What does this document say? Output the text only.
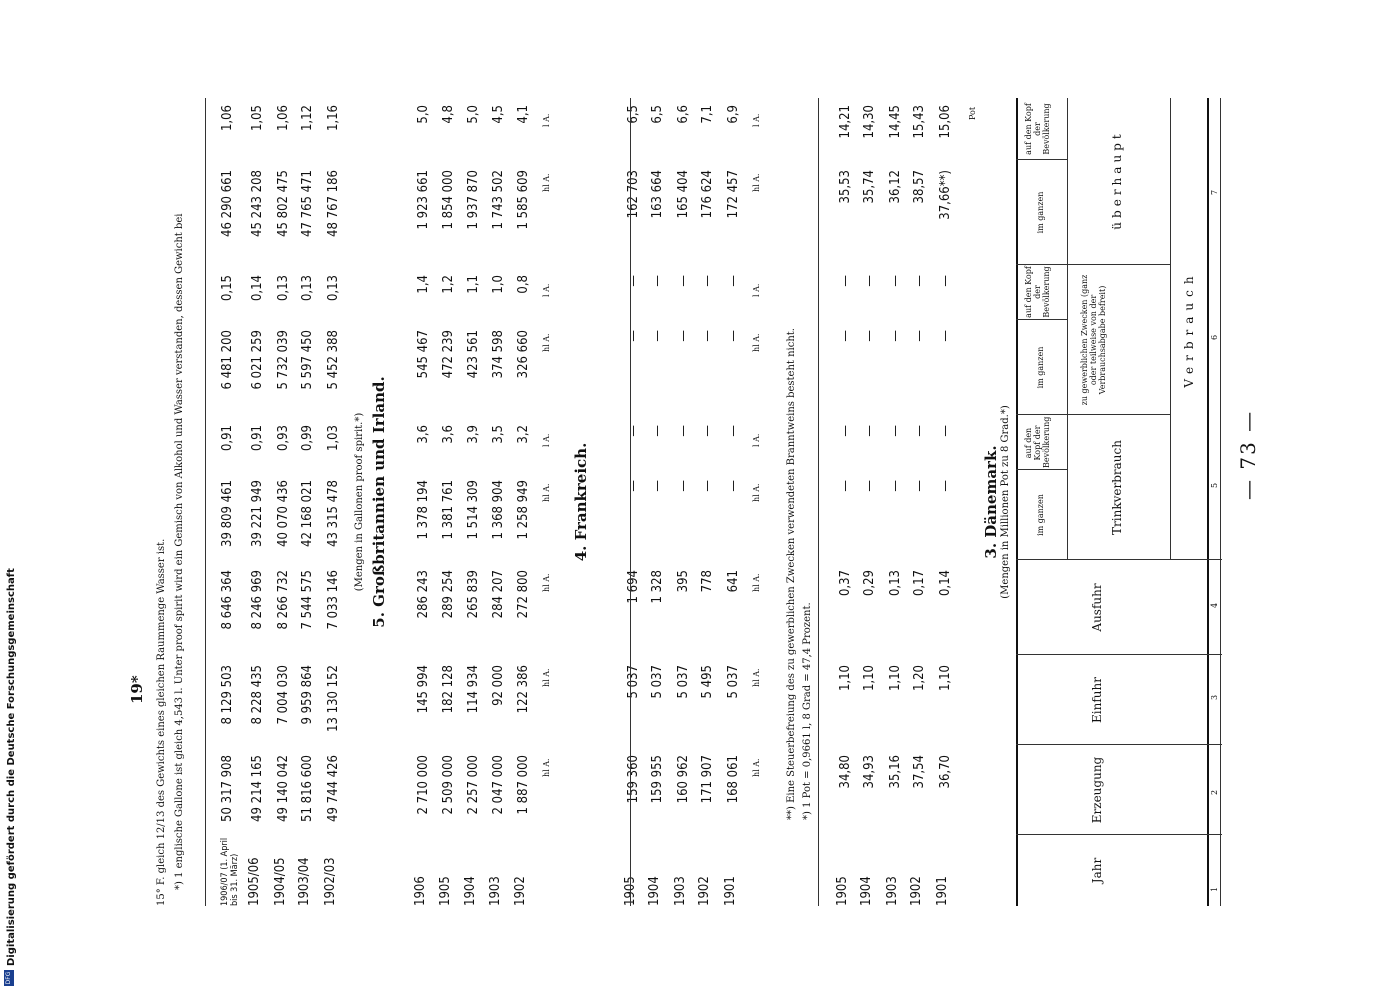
— 73 —
1
2
3
4
5
6
7
Jahr
Erzeugung
Einfuhr
Ausfuhr
Verbrauch
Trinkverbrauch
zu gewerblichen Zwecken (ganz oder teilweise von der Verbrauchsabgabe befreit)
überhaupt
im ganzen
auf den Kopf der Bevölkerung
im ganzen
auf den Kopf der Bevölkerung
im ganzen
auf den Kopf der Bevölkerung
3. Dänemark. (Mengen in Millionen Pot zu 8 Grad.*)
Pot
1901
36,70
1,10
0,14
—
—
—
—
37,66**)
15,06
1902
37,54
1,20
0,17
—
—
—
—
38,57
15,43
1903
35,16
1,10
0,13
—
—
—
—
36,12
14,45
1904
34,93
1,10
0,29
—
—
—
—
35,74
14,30
1905
34,80
1,10
0,37
—
—
—
—
35,53
14,21
*) 1 Pot = 0,9661 l, 8 Grad = 47,4 Prozent.
**) Eine Steuerbefreiung des zu gewerblichen Zwecken verwendeten Branntweins besteht nicht.
4. Frankreich.
hl A.
hl A.
hl A.
hl A.
hl A.
hl A.
hl A.
hl A.
l A.
l A.
hl A.
hl A.
l A.
l A.
hl A.
hl A.
l A.
l A.
1901
168 061
5 037
641
—
—
—
—
172 457
6,9
1902
171 907
5 495
778
—
—
—
—
176 624
7,1
1903
160 962
5 037
395
—
—
—
—
165 404
6,6
1904
159 955
5 037
1 328
—
—
—
—
163 664
6,5
1905
159 360
5 037
1 694
—
—
—
—
162 703
6,5
1902
1 887 000
122 386
272 800
1 258 949
3,2
326 660
0,8
1 585 609
4,1
1903
2 047 000
92 000
284 207
1 368 904
3,5
374 598
1,0
1 743 502
4,5
1904
2 257 000
114 934
265 839
1 514 309
3,9
423 561
1,1
1 937 870
5,0
1905
2 509 000
182 128
289 254
1 381 761
3,6
472 239
1,2
1 854 000
4,8
1906
2 710 000
145 994
286 243
1 378 194
3,6
545 467
1,4
1 923 661
5,0
5. Großbritannien und Irland.
(Mengen in Gallonen proof spirit.*)
1902/03
49 744 426
13 130 152
7 033 146
43 315 478
1,03
5 452 388
0,13
48 767 186
1,16
1903/04
51 816 600
9 959 864
7 544 575
42 168 021
0,99
5 597 450
0,13
47 765 471
1,12
1904/05
49 140 042
7 004 030
8 266 732
40 070 436
0,93
5 732 039
0,13
45 802 475
1,06
1905/06
49 214 165
8 228 435
8 246 969
39 221 949
0,91
6 021 259
0,14
45 243 208
1,05
1906/07 (1. April bis 31. März)
50 317 908
8 129 503
8 646 364
39 809 461
0,91
6 481 200
0,15
46 290 661
1,06
*) 1 englische Gallone ist gleich 4,543 l. Unter proof spirit wird ein Gemisch von Alkohol und Wasser verstanden, dessen Gewicht bei
15° F. gleich 12/13 des Gewichts eines gleichen Raummenge Wasser ist.
19*
DFG
Digitalisierung gefördert durch die Deutsche Forschungsgemeinschaft
